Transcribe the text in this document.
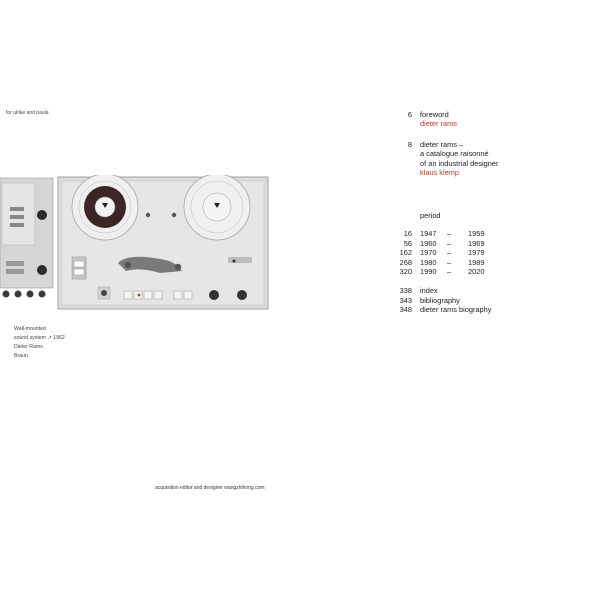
for ulrike and paula
Wall-mounted
sound system ↗ 1962
Dieter Rams
Braun
acquisition editor and designer wangzhihong.com
6 foreword
dieter rams
8 dieter rams –
a catalogue raisonné
of an industrial designer
klaus klemp
period
16 1947 – 1959
56 1960 – 1969
162 1970 – 1979
268 1980 – 1989
320 1990 – 2020
338 index
343 bibliography
348 dieter rams biography
